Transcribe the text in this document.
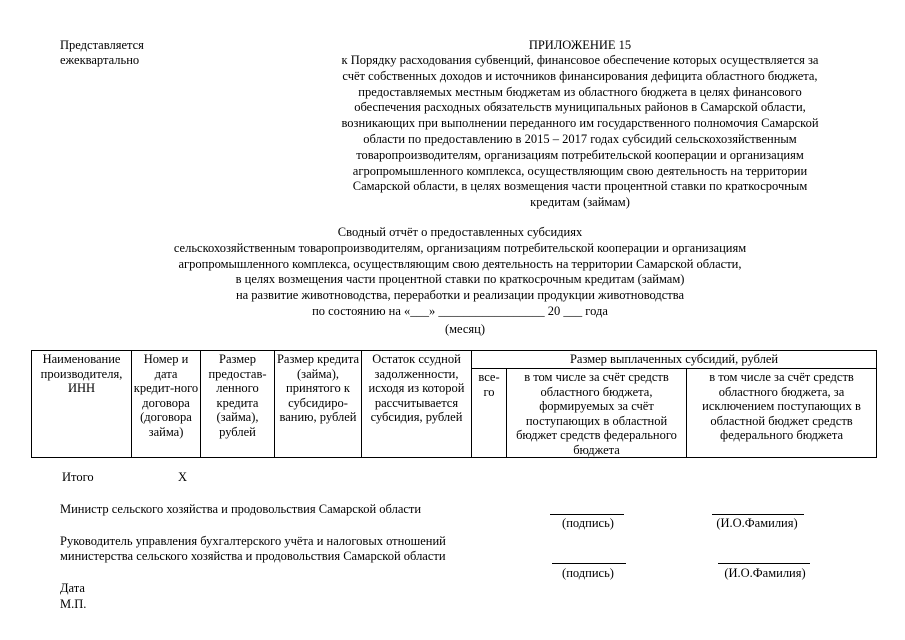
Представляется
ежеквартально
ПРИЛОЖЕНИЕ 15
к Порядку расходования субвенций, финансовое обеспечение которых осуществляется за
счёт собственных доходов и источников финансирования дефицита областного бюджета,
предоставляемых местным бюджетам из областного бюджета в целях финансового
обеспечения расходных обязательств муниципальных районов в Самарской области,
возникающих при выполнении переданного им государственного полномочия Самарской
области по предоставлению в 2015 – 2017 годах субсидий сельскохозяйственным
товаропроизводителям, организациям потребительской кооперации и организациям
агропромышленного комплекса, осуществляющим свою деятельность на территории
Самарской области, в целях возмещения части процентной ставки по краткосрочным
кредитам (займам)
Сводный отчёт о предоставленных субсидиях
сельскохозяйственным товаропроизводителям, организациям потребительской кооперации и организациям
агропромышленного комплекса, осуществляющим свою деятельность на территории Самарской области,
в целях возмещения части процентной ставки по краткосрочным кредитам (займам)
на развитие животноводства, переработки и реализации продукции животноводства
по состоянию на «___» _________________ 20 ___ года
(месяц)
Наименование производителя, ИНН	Номер и дата кредит-ного договора (договора займа)	Размер предостав-ленного кредита (займа), рублей	Размер кредита (займа), принятого к субсидиро-ванию, рублей	Остаток ссудной задолженности, исходя из которой рассчитывается субсидия, рублей	Размер выплаченных субсидий, рублей		
					все-го	в том числе за счёт средств областного бюджета, формируемых за счёт поступающих в областной бюджет средств федерального бюджета	в том числе за счёт средств областного бюджета, за исключением поступающих в областной бюджет средств федерального бюджета
Итого	Х
Министр сельского хозяйства и продовольствия Самарской области
(подпись)	(И.О.Фамилия)
Руководитель управления бухгалтерского учёта и налоговых отношений
министерства сельского хозяйства и продовольствия Самарской области
(подпись)	(И.О.Фамилия)
Дата
М.П.
